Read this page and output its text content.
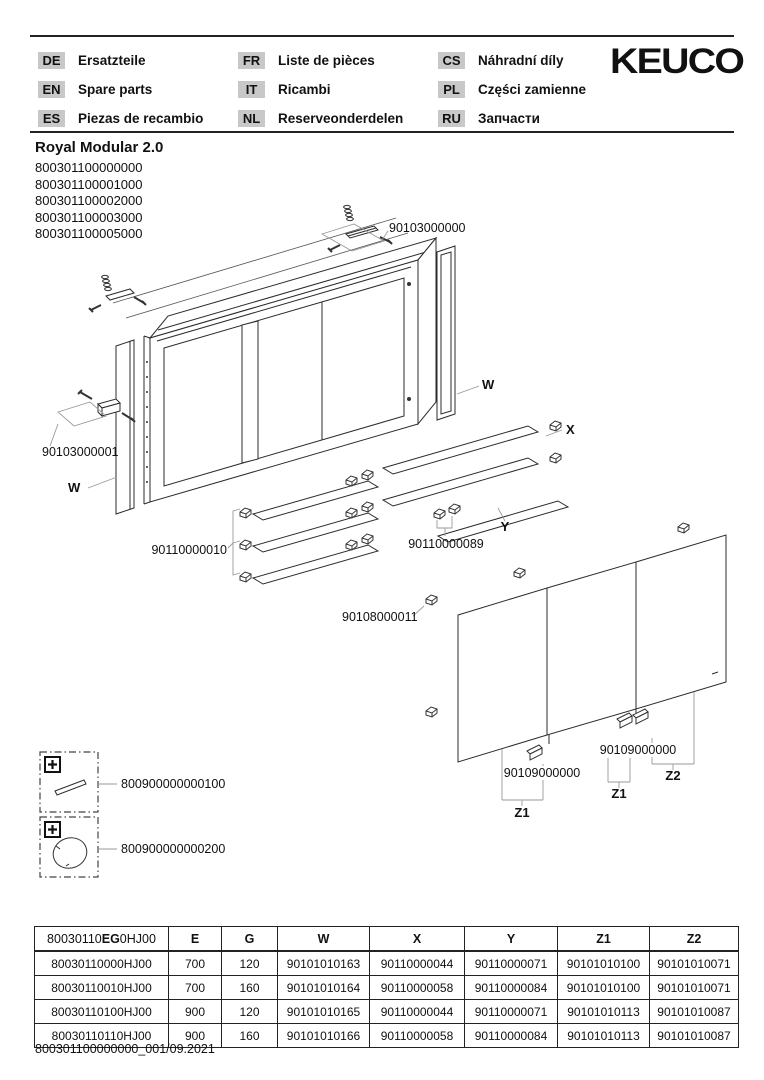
DE	Ersatzteile
EN	Spare parts
ES	Piezas de recambio
FR	Liste de pièces
IT	Ricambi
NL	Reserveonderdelen
CS	Náhradní díly
PL	Części zamienne
RU	Запчасти
KEUCO
Royal Modular 2.0
800301100000000
800301100001000
800301100002000
800301100003000
800301100005000	90103000000
90103000001
W
W
90110000010
X
Y
90110000089
90108000011
90109000000
Z1
90109000000
Z1
Z2
800900000000100
800900000000200
80030110EG0HJ00	E	G	W	X	Y	Z1	Z2
80030110000HJ00	700	120	90101010163	90110000044	90110000071	90101010100	90101010071
80030110010HJ00	700	160	90101010164	90110000058	90110000084	90101010100	90101010071
80030110100HJ00	900	120	90101010165	90110000044	90110000071	90101010113	90101010087
80030110110HJ00	900	160	90101010166	90110000058	90110000084	90101010113	90101010087
800301100000000_001/09.2021
